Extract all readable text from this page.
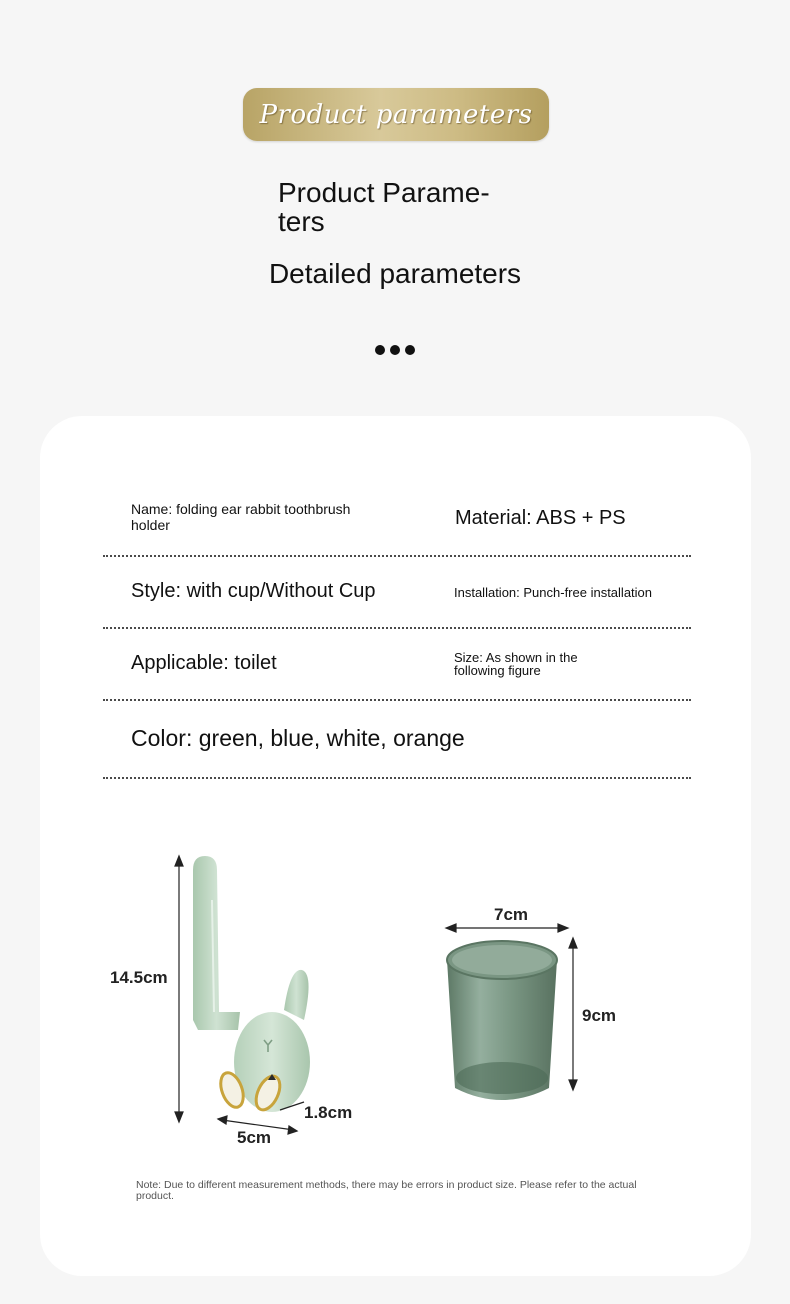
Product parameters
Product Parame-ters
Detailed parameters
Name: folding ear rabbit toothbrush holder	Material: ABS + PS
Style: with cup/Without Cup	Installation: Punch-free installation
Applicable: toilet	Size: As shown in the following figure
Color: green, blue, white, orange
14.5cm
1.8cm
5cm
7cm
9cm
Note: Due to different measurement methods, there may be errors in product size. Please refer to the actual product.
